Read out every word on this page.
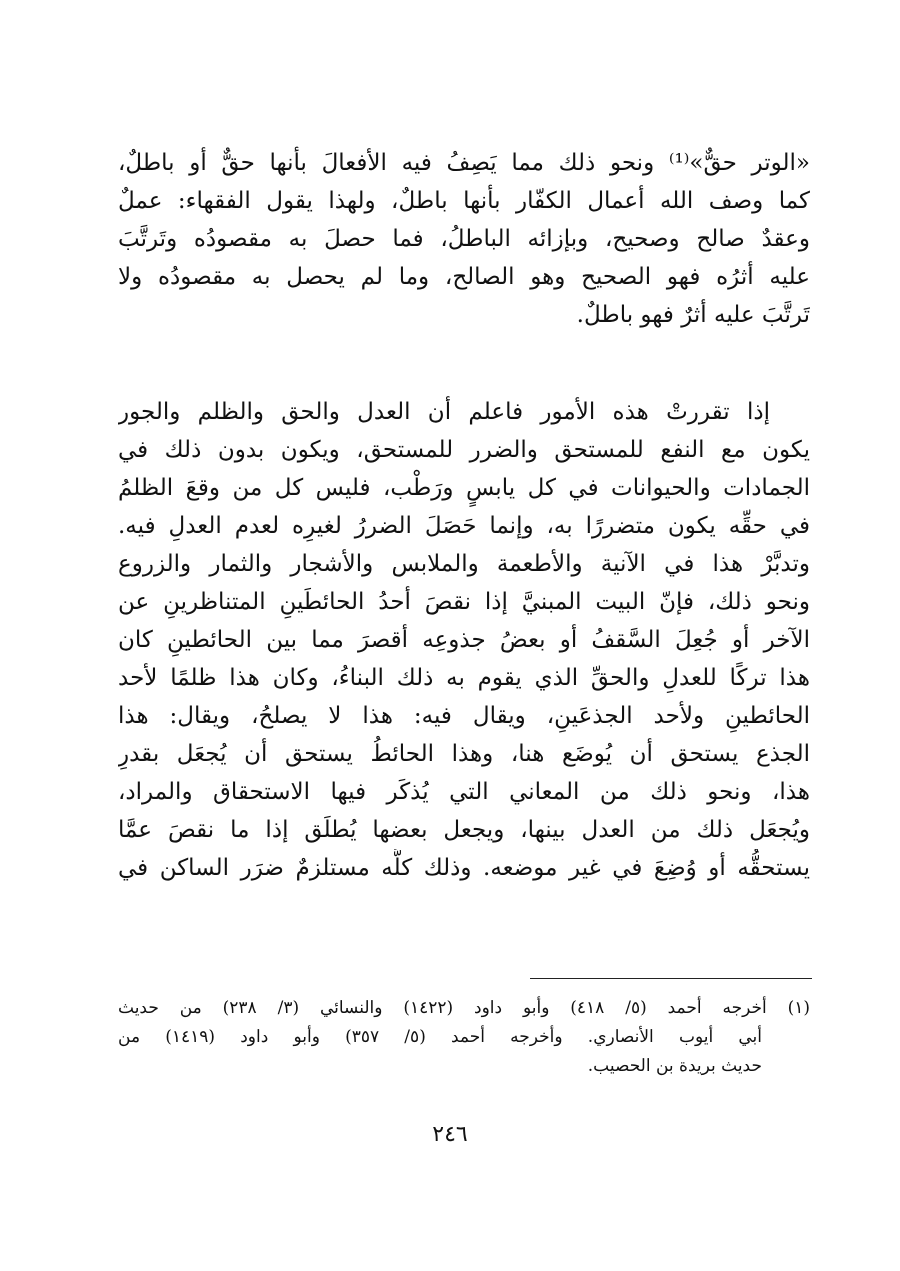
«الوتر حقٌّ»⁽¹⁾ ونحو ذلك مما يَصِفُ فيه الأفعالَ بأنها حقٌّ أو باطلٌ،
كما وصف الله أعمال الكفّار بأنها باطلٌ، ولهذا يقول الفقهاء: عملٌ
وعقدٌ صالح وصحيح، وبإزائه الباطلُ، فما حصلَ به مقصودُه وتَرتَّبَ
عليه أثرُه فهو الصحيح وهو الصالح، وما لم يحصل به مقصودُه ولا
تَرتَّبَ عليه أثرٌ فهو باطلٌ.
إذا تقررتْ هذه الأمور فاعلم أن العدل والحق والظلم والجور
يكون مع النفع للمستحق والضرر للمستحق، ويكون بدون ذلك في
الجمادات والحيوانات في كل يابسٍ ورَطْب، فليس كل من وقعَ الظلمُ
في حقِّه يكون متضررًا به، وإنما حَصَلَ الضررُ لغيرِه لعدم العدلِ فيه.
وتدبَّرْ هذا في الآنية والأطعمة والملابس والأشجار والثمار والزروع
ونحو ذلك، فإنّ البيت المبنيَّ إذا نقصَ أحدُ الحائطَينِ المتناظرينِ عن
الآخر أو جُعِلَ السَّقفُ أو بعضُ جذوعِه أقصرَ مما بين الحائطينِ كان
هذا تركًا للعدلِ والحقِّ الذي يقوم به ذلك البناءُ، وكان هذا ظلمًا لأحد
الحائطينِ ولأحد الجذعَينِ، ويقال فيه: هذا لا يصلحُ، ويقال: هذا
الجذع يستحق أن يُوضَع هنا، وهذا الحائطُ يستحق أن يُجعَل بقدرِ
هذا، ونحو ذلك من المعاني التي يُذكَر فيها الاستحقاق والمراد،
ويُجعَل ذلك من العدل بينها، ويجعل بعضها يُطلَق إذا ما نقصَ عمَّا
يستحقُّه أو وُضِعَ في غير موضعه. وذلك كلُّه مستلزمٌ ضرَر الساكن في
(١) أخرجه أحمد (٥/ ٤١٨) وأبو داود (١٤٢٢) والنسائي (٣/ ٢٣٨) من حديث
أبي أيوب الأنصاري. وأخرجه أحمد (٥/ ٣٥٧) وأبو داود (١٤١٩) من
حديث بريدة بن الحصيب.
٢٤٦
